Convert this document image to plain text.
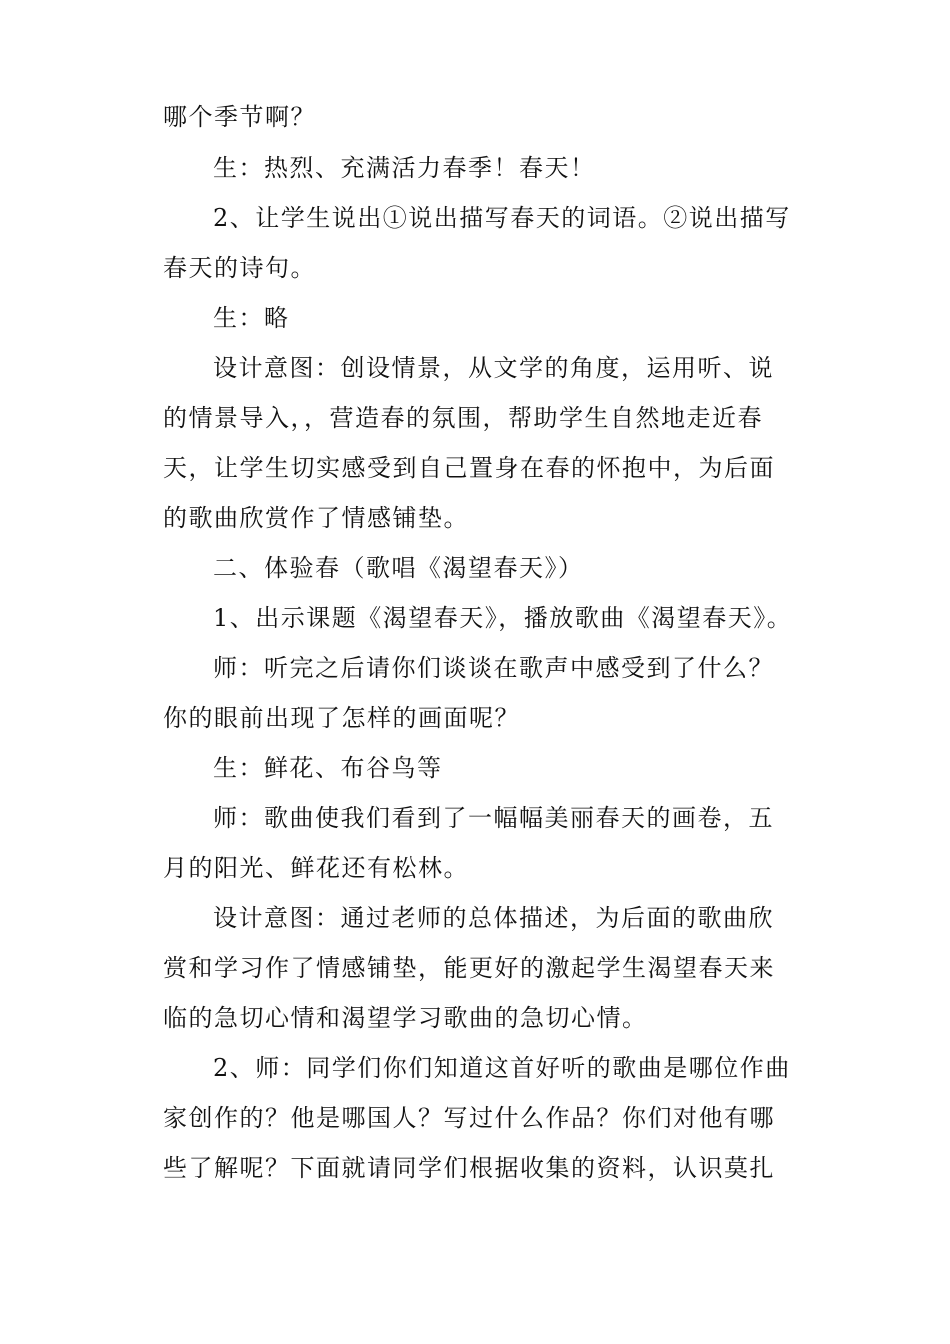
哪个季节啊？
生：热烈、充满活力春季！春天！
2、让学生说出①说出描写春天的词语。②说出描写
春天的诗句。
生：略
设计意图：创设情景，从文学的角度，运用听、说
的情景导入，，营造春的氛围，帮助学生自然地走近春
天，让学生切实感受到自己置身在春的怀抱中，为后面
的歌曲欣赏作了情感铺垫。
二、体验春（歌唱《渴望春天》）
1、出示课题《渴望春天》，播放歌曲《渴望春天》。
师：听完之后请你们谈谈在歌声中感受到了什么？
你的眼前出现了怎样的画面呢？
生：鲜花、布谷鸟等
师：歌曲使我们看到了一幅幅美丽春天的画卷，五
月的阳光、鲜花还有松林。
设计意图：通过老师的总体描述，为后面的歌曲欣
赏和学习作了情感铺垫，能更好的激起学生渴望春天来
临的急切心情和渴望学习歌曲的急切心情。
2、师：同学们你们知道这首好听的歌曲是哪位作曲
家创作的？他是哪国人？写过什么作品？你们对他有哪
些了解呢？下面就请同学们根据收集的资料，认识莫扎
